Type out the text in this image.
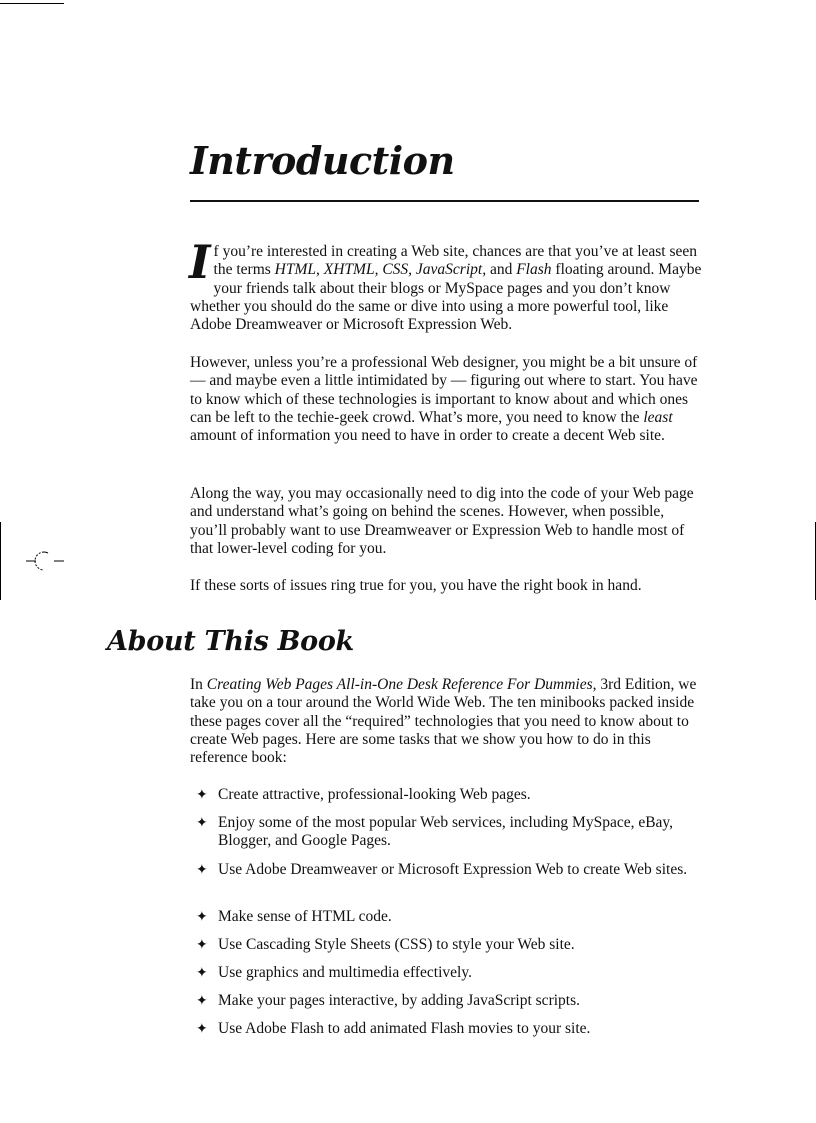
Introduction

If you’re interested in creating a Web site, chances are that you’ve at least seen the terms HTML, XHTML, CSS, JavaScript, and Flash floating around. Maybe your friends talk about their blogs or MySpace pages and you don’t know whether you should do the same or dive into using a more powerful tool, like Adobe Dreamweaver or Microsoft Expression Web.

However, unless you’re a professional Web designer, you might be a bit unsure of — and maybe even a little intimidated by — figuring out where to start. You have to know which of these technologies is important to know about and which ones can be left to the techie-geek crowd. What’s more, you need to know the least amount of information you need to have in order to create a decent Web site.

Along the way, you may occasionally need to dig into the code of your Web page and understand what’s going on behind the scenes. However, when possible, you’ll probably want to use Dreamweaver or Expression Web to handle most of that lower-level coding for you.

If these sorts of issues ring true for you, you have the right book in hand.

About This Book

In Creating Web Pages All-in-One Desk Reference For Dummies, 3rd Edition, we take you on a tour around the World Wide Web. The ten minibooks packed inside these pages cover all the “required” technologies that you need to know about to create Web pages. Here are some tasks that we show you how to do in this reference book:

✦ Create attractive, professional-looking Web pages.
✦ Enjoy some of the most popular Web services, including MySpace, eBay, Blogger, and Google Pages.
✦ Use Adobe Dreamweaver or Microsoft Expression Web to create Web sites.
✦ Make sense of HTML code.
✦ Use Cascading Style Sheets (CSS) to style your Web site.
✦ Use graphics and multimedia effectively.
✦ Make your pages interactive, by adding JavaScript scripts.
✦ Use Adobe Flash to add animated Flash movies to your site.
